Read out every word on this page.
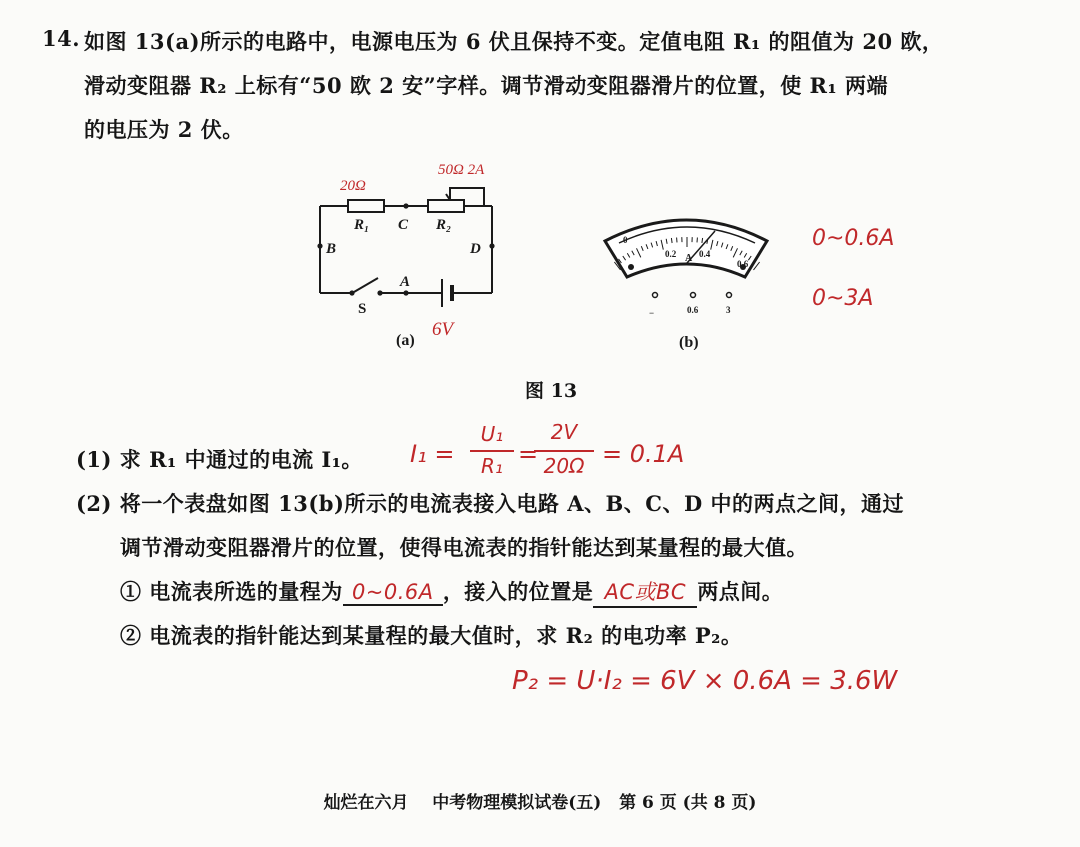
14. 如图 13(a)所示的电路中，电源电压为 6 伏且保持不变。定值电阻 R₁ 的阻值为 20 欧，
滑动变阻器 R₂ 上标有“50 欧 2 安”字样。调节滑动变阻器滑片的位置，使 R₁ 两端
的电压为 2 伏。
R₁	R₂
C
B	D
A
S
(a)
20Ω
50Ω 2A
6V
0
0.2 A 0.4
0.6
−	0.6	3
(b)
0~0.6A
0~3A
图 13
(1) 求 R₁ 中通过的电流 I₁。 I₁ =
U₁
R₁ =
2V
20Ω = 0.1A
(2) 将一个表盘如图 13(b)所示的电流表接入电路 A、B、C、D 中的两点之间，通过
调节滑动变阻器滑片的位置，使得电流表的指针能达到某量程的最大值。
① 电流表所选的量程为 0~0.6A ，接入的位置是 AC或BC 两点间。
② 电流表的指针能达到某量程的最大值时，求 R₂ 的电功率 P₂。
P₂ = U·I₂ = 6V × 0.6A = 3.6W
灿烂在六月    中考物理模拟试卷(五)   第 6 页 (共 8 页)
